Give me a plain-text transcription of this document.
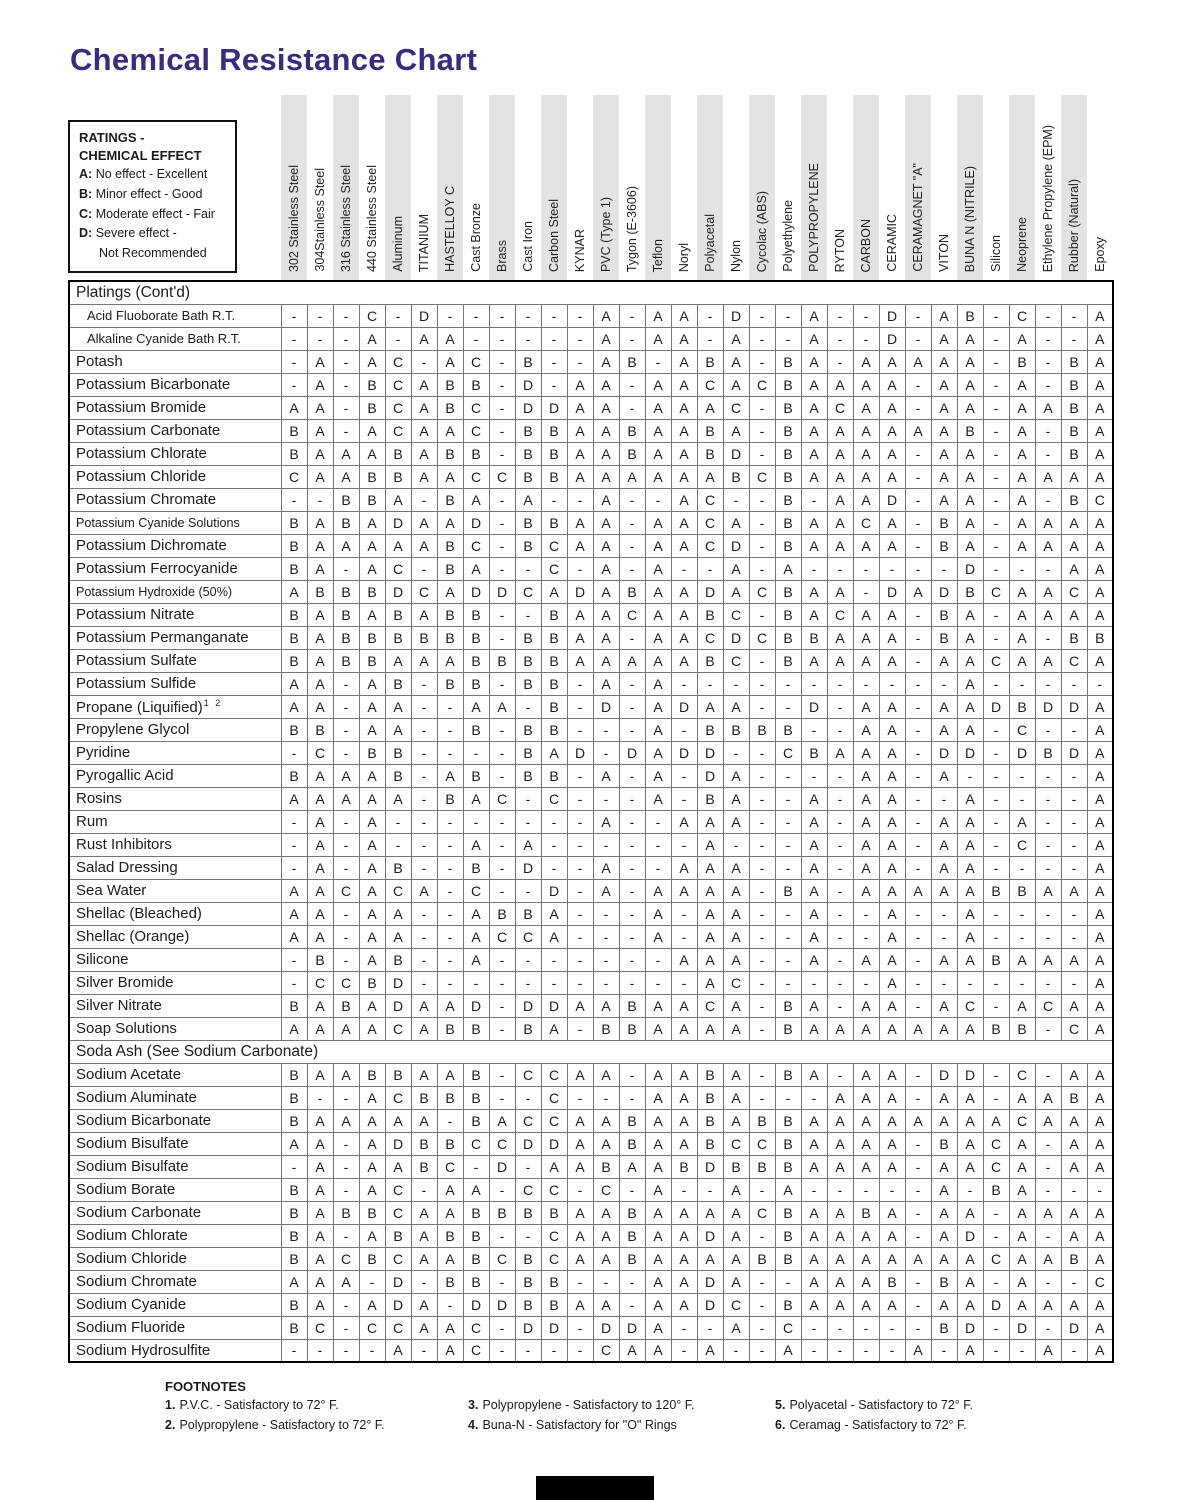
Chemical Resistance Chart
RATINGS -
CHEMICAL EFFECT
A: No effect - Excellent
B: Minor effect - Good
C: Moderate effect - Fair
D: Severe effect -
Not Recommended
		302 Stainless Steel	304Stainless Steel	316 Stainless Steel	440 Stainless Steel	Aluminum	TITANIUM	HASTELLOY C	Cast Bronze	Brass	Cast Iron	Carbon Steel	KYNAR	PVC (Type 1)	Tygon (E-3606)	Teflon	Noryl	Polyacetal	Nylon	Cycolac (ABS)	Polyethylene	POLYPROPYLENE	RYTON	CARBON	CERAMIC	CERAMAGNET "A"	VITON	BUNA N (NITRILE)	Silicon	Neoprene	Ethylene Propylene (EPM)	Rubber (Natural)	Epoxy
Platings (Cont'd)																																
Acid Fluoborate Bath R.T.	-	-	-	C	-	D	-	-	-	-	-	-	A	-	A	A	-	D	-	-	A	-	-	D	-	A	B	-	C	-	-	A
Alkaline Cyanide Bath R.T.	-	-	-	A	-	A	A	-	-	-	-	-	A	-	A	A	-	A	-	-	A	-	-	D	-	A	A	-	A	-	-	A
Potash	-	A	-	A	C	-	A	C	-	B	-	-	A	B	-	A	B	A	-	B	A	-	A	A	A	A	A	-	B	-	B	A
Potassium Bicarbonate	-	A	-	B	C	A	B	B	-	D	-	A	A	-	A	A	C	A	C	B	A	A	A	A	-	A	A	-	A	-	B	A
Potassium Bromide	A	A	-	B	C	A	B	C	-	D	D	A	A	-	A	A	A	C	-	B	A	C	A	A	-	A	A	-	A	A	B	A
Potassium Carbonate	B	A	-	A	C	A	A	C	-	B	B	A	A	B	A	A	B	A	-	B	A	A	A	A	A	A	B	-	A	-	B	A
Potassium Chlorate	B	A	A	A	B	A	B	B	-	B	B	A	A	B	A	A	B	D	-	B	A	A	A	A	-	A	A	-	A	-	B	A
Potassium Chloride	C	A	A	B	B	A	A	C	C	B	B	A	A	A	A	A	A	B	C	B	A	A	A	A	-	A	A	-	A	A	A	A
Potassium Chromate	-	-	B	B	A	-	B	A	-	A	-	-	A	-	-	A	C	-	-	B	-	A	A	D	-	A	A	-	A	-	B	C
Potassium Cyanide Solutions	B	A	B	A	D	A	A	D	-	B	B	A	A	-	A	A	C	A	-	B	A	A	C	A	-	B	A	-	A	A	A	A
Potassium Dichromate	B	A	A	A	A	A	B	C	-	B	C	A	A	-	A	A	C	D	-	B	A	A	A	A	-	B	A	-	A	A	A	A
Potassium Ferrocyanide	B	A	-	A	C	-	B	A	-	-	C	-	A	-	A	-	-	A	-	A	-	-	-	-	-	-	D	-	-	-	A	A
Potassium Hydroxide (50%)	A	B	B	B	D	C	A	D	D	C	A	D	A	B	A	A	D	A	C	B	A	A	-	D	A	D	B	C	A	A	C	A
Potassium Nitrate	B	A	B	A	B	A	B	B	-	-	B	A	A	C	A	A	B	C	-	B	A	C	A	A	-	B	A	-	A	A	A	A
Potassium Permanganate	B	A	B	B	B	B	B	B	-	B	B	A	A	-	A	A	C	D	C	B	B	A	A	A	-	B	A	-	A	-	B	B
Potassium Sulfate	B	A	B	B	A	A	A	B	B	B	B	A	A	A	A	A	B	C	-	B	A	A	A	A	-	A	A	C	A	A	C	A
Potassium Sulfide	A	A	-	A	B	-	B	B	-	B	B	-	A	-	A	-	-	-	-	-	-	-	-	-	-	-	A	-	-	-	-	-
Propane (Liquified)$^{1 2}$	A	A	-	A	A	-	-	A	A	-	B	-	D	-	A	D	A	A	-	-	D	-	A	A	-	A	A	D	B	D	D	A
Propylene Glycol	B	B	-	A	A	-	-	B	-	B	B	-	-	-	A	-	B	B	B	B	-	-	A	A	-	A	A	-	C	-	-	A
Pyridine	-	C	-	B	B	-	-	-	-	B	A	D	-	D	A	D	D	-	-	C	B	A	A	A	-	D	D	-	D	B	D	A
Pyrogallic Acid	B	A	A	A	B	-	A	B	-	B	B	-	A	-	A	-	D	A	-	-	-	-	A	A	-	A	-	-	-	-	-	A
Rosins	A	A	A	A	A	-	B	A	C	-	C	-	-	-	A	-	B	A	-	-	A	-	A	A	-	-	A	-	-	-	-	A
Rum	-	A	-	A	-	-	-	-	-	-	-	-	A	-	-	A	A	A	-	-	A	-	A	A	-	A	A	-	A	-	-	A
Rust Inhibitors	-	A	-	A	-	-	-	A	-	A	-	-	-	-	-	-	A	-	-	-	A	-	A	A	-	A	A	-	C	-	-	A
Salad Dressing	-	A	-	A	B	-	-	B	-	D	-	-	A	-	-	A	A	A	-	-	A	-	A	A	-	A	A	-	-	-	-	A
Sea Water	A	A	C	A	C	A	-	C	-	-	D	-	A	-	A	A	A	A	-	B	A	-	A	A	A	A	A	B	B	A	A	A
Shellac (Bleached)	A	A	-	A	A	-	-	A	B	B	A	-	-	-	A	-	A	A	-	-	A	-	-	A	-	-	A	-	-	-	-	A
Shellac (Orange)	A	A	-	A	A	-	-	A	C	C	A	-	-	-	A	-	A	A	-	-	A	-	-	A	-	-	A	-	-	-	-	A
Silicone	-	B	-	A	B	-	-	A	-	-	-	-	-	-	-	A	A	A	-	-	A	-	A	A	-	A	A	B	A	A	A	A
Silver Bromide	-	C	C	B	D	-	-	-	-	-	-	-	-	-	-	-	A	C	-	-	-	-	-	A	-	-	-	-	-	-	-	A
Silver Nitrate	B	A	B	A	D	A	A	D	-	D	D	A	A	B	A	A	C	A	-	B	A	-	A	A	-	A	C	-	A	C	A	A
Soap Solutions	A	A	A	A	C	A	B	B	-	B	A	-	B	B	A	A	A	A	-	B	A	A	A	A	A	A	A	B	B	-	C	A
Soda Ash (See Sodium Carbonate)																																
Sodium Acetate	B	A	A	B	B	A	A	B	-	C	C	A	A	-	A	A	B	A	-	B	A	-	A	A	-	D	D	-	C	-	A	A
Sodium Aluminate	B	-	-	A	C	B	B	B	-	-	C	-	-	-	A	A	B	A	-	-	-	A	A	A	-	A	A	-	A	A	B	A
Sodium Bicarbonate	B	A	A	A	A	A	-	B	A	C	C	A	A	B	A	A	B	A	B	B	A	A	A	A	A	A	A	A	C	A	A	A
Sodium Bisulfate	A	A	-	A	D	B	B	C	C	D	D	A	A	B	A	A	B	C	C	B	A	A	A	A	-	B	A	C	A	-	A	A
Sodium Bisulfate	-	A	-	A	A	B	C	-	D	-	A	A	B	A	A	B	D	B	B	B	A	A	A	A	-	A	A	C	A	-	A	A
Sodium Borate	B	A	-	A	C	-	A	A	-	C	C	-	C	-	A	-	-	A	-	A	-	-	-	-	-	A	-	B	A	-	-	-
Sodium Carbonate	B	A	B	B	C	A	A	B	B	B	B	A	A	B	A	A	A	A	C	B	A	A	B	A	-	A	A	-	A	A	A	A
Sodium Chlorate	B	A	-	A	B	A	B	B	-	-	C	A	A	B	A	A	D	A	-	B	A	A	A	A	-	A	D	-	A	-	A	A
Sodium Chloride	B	A	C	B	C	A	A	B	C	B	C	A	A	B	A	A	A	A	B	B	A	A	A	A	A	A	A	C	A	A	B	A
Sodium Chromate	A	A	A	-	D	-	B	B	-	B	B	-	-	-	A	A	D	A	-	-	A	A	A	B	-	B	A	-	A	-	-	C
Sodium Cyanide	B	A	-	A	D	A	-	D	D	B	B	A	A	-	A	A	D	C	-	B	A	A	A	A	-	A	A	D	A	A	A	A
Sodium Fluoride	B	C	-	C	C	A	A	C	-	D	D	-	D	D	A	-	-	A	-	C	-	-	-	-	-	B	D	-	D	-	D	A
Sodium Hydrosulfite	-	-	-	-	A	-	A	C	-	-	-	-	C	A	A	-	A	-	-	A	-	-	-	-	A	-	A	-	-	A	-	A
FOOTNOTES
1. P.V.C. - Satisfactory to 72° F.
2. Polypropylene - Satisfactory to 72° F.
3. Polypropylene - Satisfactory to 120° F.
4. Buna-N - Satisfactory for "O" Rings
5. Polyacetal - Satisfactory to 72° F.
6. Ceramag - Satisfactory to 72° F.
